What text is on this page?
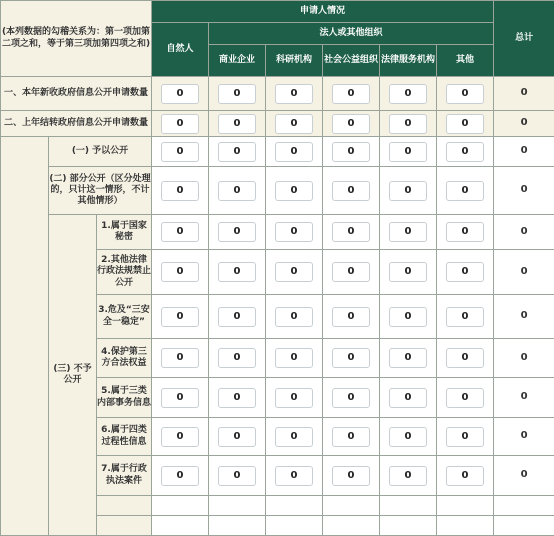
(本列数据的勾稽关系为：第一项加第二项之和，等于第三项加第四项之和)			申请人情况						总计
			自然人	法人或其他组织					
				商业企业	科研机构	社会公益组织	法律服务机构	其他	
一、本年新收政府信息公开申请数量			0	0	0	0	0	0	0
二、上年结转政府信息公开申请数量			0	0	0	0	0	0	0
	(一) 予以公开		0	0	0	0	0	0	0
	(二) 部分公开（区分处理的，只计这一情形，不计其他情形）		0	0	0	0	0	0	0
	(三) 不予公开	1.属于国家秘密	0	0	0	0	0	0	0
		2.其他法律行政法规禁止公开	0	0	0	0	0	0	0
		3.危及“三安全一稳定”	0	0	0	0	0	0	0
		4.保护第三方合法权益	0	0	0	0	0	0	0
		5.属于三类内部事务信息	0	0	0	0	0	0	0
		6.属于四类过程性信息	0	0	0	0	0	0	0
		7.属于行政执法案件	0	0	0	0	0	0	0
